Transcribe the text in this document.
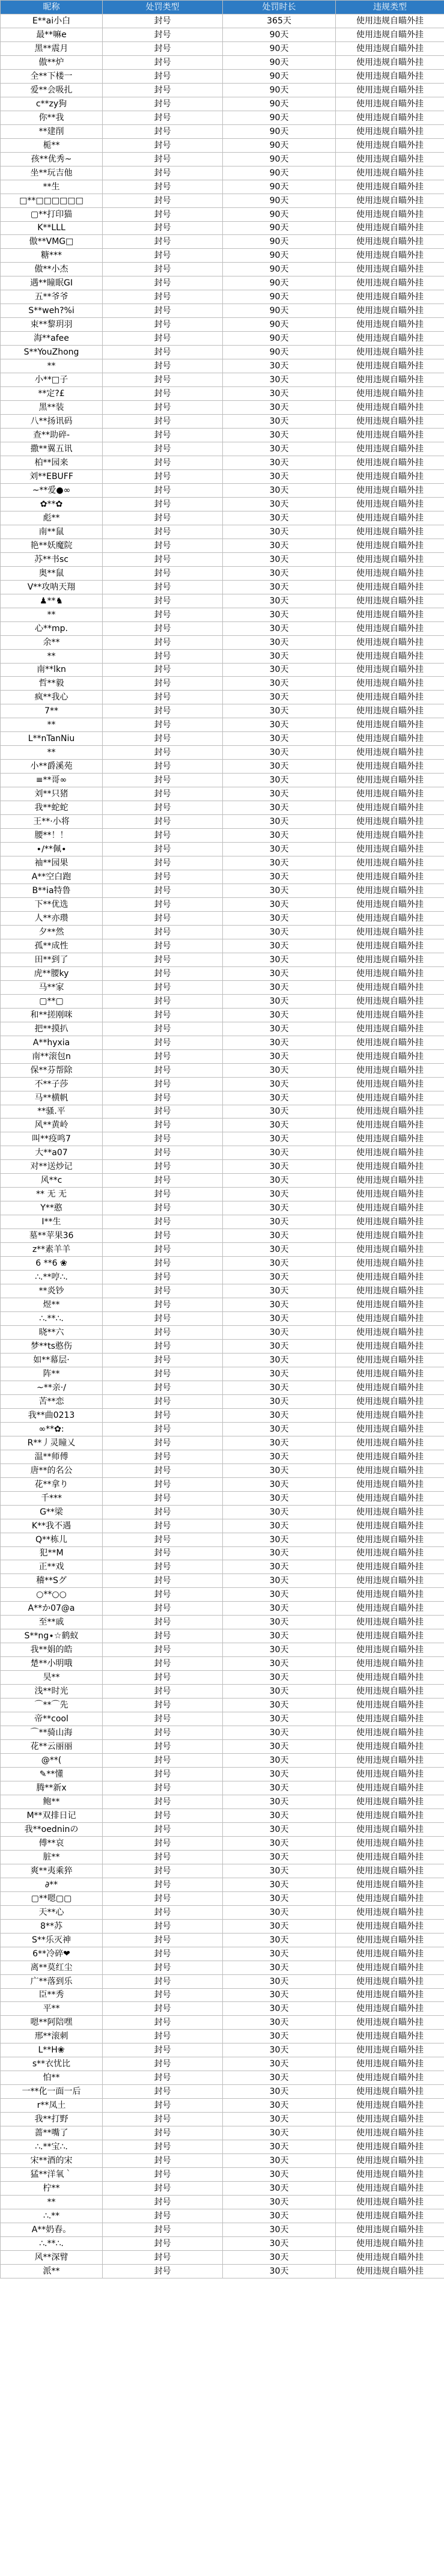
昵称	处罚类型	处罚时长	违规类型
E**ai小白	封号	365天	使用违规自瞄外挂
最**嘛e	封号	90天	使用违规自瞄外挂
黑**震月	封号	90天	使用违规自瞄外挂
傲**炉	封号	90天	使用违规自瞄外挂
全**下楼一	封号	90天	使用违规自瞄外挂
爱**会吸扎	封号	90天	使用违规自瞄外挂
c**zy狗	封号	90天	使用违规自瞄外挂
你**我	封号	90天	使用违规自瞄外挂
**建削	封号	90天	使用违规自瞄外挂
栀**	封号	90天	使用违规自瞄外挂
孩**优秀~	封号	90天	使用违规自瞄外挂
坐**玩吉他	封号	90天	使用违规自瞄外挂
**生	封号	90天	使用违规自瞄外挂
□**□□□□□□	封号	90天	使用违规自瞄外挂
▢**打印猫	封号	90天	使用违规自瞄外挂
K**LLL	封号	90天	使用违规自瞄外挂
傲**VMG□	封号	90天	使用违规自瞄外挂
糖***	封号	90天	使用违规自瞄外挂
傲**小杰	封号	90天	使用违规自瞄外挂
遇**瞳眠GI	封号	90天	使用违规自瞄外挂
五**爷爷	封号	90天	使用违规自瞄外挂
S**weh?%i	封号	90天	使用违规自瞄外挂
束**黎玥羽	封号	90天	使用违规自瞄外挂
海**afee	封号	90天	使用违规自瞄外挂
S**YouZhong	封号	90天	使用违规自瞄外挂
**	封号	30天	使用违规自瞄外挂
小**□子	封号	30天	使用违规自瞄外挂
**定?£	封号	30天	使用违规自瞄外挂
黑**装	封号	30天	使用违规自瞄外挂
八**扬讯码	封号	30天	使用违规自瞄外挂
查**助碎-	封号	30天	使用违规自瞄外挂
撒**翼五讯	封号	30天	使用违规自瞄外挂
柏**园来	封号	30天	使用违规自瞄外挂
刘**EBUFF	封号	30天	使用违规自瞄外挂
~**爱●∞	封号	30天	使用违规自瞄外挂
✿**✿	封号	30天	使用违规自瞄外挂
彪**	封号	30天	使用违规自瞄外挂
南**鼠	封号	30天	使用违规自瞄外挂
艳**妖魔院	封号	30天	使用违规自瞄外挂
苏**书sc	封号	30天	使用违规自瞄外挂
奥**鼠	封号	30天	使用违规自瞄外挂
V**攻呐天翔	封号	30天	使用违规自瞄外挂
♟**♞	封号	30天	使用违规自瞄外挂
**	封号	30天	使用违规自瞄外挂
心**mp.	封号	30天	使用违规自瞄外挂
余**	封号	30天	使用违规自瞄外挂
**	封号	30天	使用违规自瞄外挂
南**lkn	封号	30天	使用违规自瞄外挂
哲**毅	封号	30天	使用违规自瞄外挂
疯**我心	封号	30天	使用违规自瞄外挂
7**	封号	30天	使用违规自瞄外挂
**	封号	30天	使用违规自瞄外挂
L**nTanNiu	封号	30天	使用违规自瞄外挂
**	封号	30天	使用违规自瞄外挂
小**爵溪苑	封号	30天	使用违规自瞄外挂
≡**哥∞	封号	30天	使用违规自瞄外挂
刘**只猪	封号	30天	使用违规自瞄外挂
我**蛇蛇	封号	30天	使用违规自瞄外挂
王**·小将	封号	30天	使用违规自瞄外挂
腰**！！	封号	30天	使用违规自瞄外挂
∙∕**佩∙	封号	30天	使用违规自瞄外挂
袖**园果	封号	30天	使用违规自瞄外挂
A**空白跑	封号	30天	使用违规自瞄外挂
B**ia特鲁	封号	30天	使用违规自瞄外挂
下**优选	封号	30天	使用违规自瞄外挂
人**亦瓒	封号	30天	使用违规自瞄外挂
夕**然	封号	30天	使用违规自瞄外挂
孤**成性	封号	30天	使用违规自瞄外挂
田**到了	封号	30天	使用违规自瞄外挂
虎**腰ky	封号	30天	使用违规自瞄外挂
马**家	封号	30天	使用违规自瞄外挂
▢**▢	封号	30天	使用违规自瞄外挂
和**搓刚咪	封号	30天	使用违规自瞄外挂
把**摸扒	封号	30天	使用违规自瞄外挂
A**hyxia	封号	30天	使用违规自瞄外挂
南**滚包n	封号	30天	使用违规自瞄外挂
保**芬帮除	封号	30天	使用违规自瞄外挂
不**子莎	封号	30天	使用违规自瞄外挂
马**横帆	封号	30天	使用违规自瞄外挂
**骚.平	封号	30天	使用违规自瞄外挂
风**黄岭	封号	30天	使用违规自瞄外挂
叫**疫鸣7	封号	30天	使用违规自瞄外挂
大**a07	封号	30天	使用违规自瞄外挂
对**送炒记	封号	30天	使用违规自瞄外挂
风**c	封号	30天	使用违规自瞄外挂
** 无 无	封号	30天	使用违规自瞄外挂
Y**憨	封号	30天	使用违规自瞄外挂
I**生	封号	30天	使用违规自瞄外挂
墓**苹果36	封号	30天	使用违规自瞄外挂
z**素羊羊	封号	30天	使用违规自瞄外挂
6 **6 ❀	封号	30天	使用违规自瞄外挂
∴.**哼∴.	封号	30天	使用违规自瞄外挂
**炎钞	封号	30天	使用违规自瞄外挂
煜**	封号	30天	使用违规自瞄外挂
∴.**∴.	封号	30天	使用违规自瞄外挂
晓**六	封号	30天	使用违规自瞄外挂
梦**ts憨伤	封号	30天	使用违规自瞄外挂
如**幕层·	封号	30天	使用违规自瞄外挂
阵**	封号	30天	使用违规自瞄外挂
~**亲·∕	封号	30天	使用违规自瞄外挂
苦**恋	封号	30天	使用违规自瞄外挂
我**曲0213	封号	30天	使用违规自瞄外挂
∞**✿:	封号	30天	使用违规自瞄外挂
R**丿灵瞳乂	封号	30天	使用违规自瞄外挂
温**师傅	封号	30天	使用违规自瞄外挂
唐**的名公	封号	30天	使用违规自瞄外挂
花**拿り	封号	30天	使用违规自瞄外挂
千***	封号	30天	使用违规自瞄外挂
G**梁	封号	30天	使用违规自瞄外挂
K**我不遇	封号	30天	使用违规自瞄外挂
Q**栋儿	封号	30天	使用违规自瞄外挂
犯**M	封号	30天	使用违规自瞄外挂
正**戏	封号	30天	使用违规自瞄外挂
稽**Sグ	封号	30天	使用违规自瞄外挂
○**○○	封号	30天	使用违规自瞄外挂
A**か07@a	封号	30天	使用违规自瞄外挂
至**戚	封号	30天	使用违规自瞄外挂
S**ng∙☆鹤蚁	封号	30天	使用违规自瞄外挂
我**娟的皓	封号	30天	使用违规自瞄外挂
楚**小明哦	封号	30天	使用违规自瞄外挂
昊**	封号	30天	使用违规自瞄外挂
浅**时光	封号	30天	使用违规自瞄外挂
⌒**⌒先	封号	30天	使用违规自瞄外挂
帝**cool	封号	30天	使用违规自瞄外挂
⌒**骑山海	封号	30天	使用违规自瞄外挂
花**云丽丽	封号	30天	使用违规自瞄外挂
@**(	封号	30天	使用违规自瞄外挂
✎**懂	封号	30天	使用违规自瞄外挂
腾**新x	封号	30天	使用违规自瞄外挂
鲍**	封号	30天	使用违规自瞄外挂
M**双排日记	封号	30天	使用违规自瞄外挂
我**oedninの	封号	30天	使用违规自瞄外挂
傅**哀	封号	30天	使用违规自瞄外挂
脏**	封号	30天	使用违规自瞄外挂
爽**夷乘猝	封号	30天	使用违规自瞄外挂
∂**	封号	30天	使用违规自瞄外挂
▢**嗯▢▢	封号	30天	使用违规自瞄外挂
天**心	封号	30天	使用违规自瞄外挂
8**苏	封号	30天	使用违规自瞄外挂
S**乐灭神	封号	30天	使用违规自瞄外挂
6**冷碎❤	封号	30天	使用违规自瞄外挂
离**莫红尘	封号	30天	使用违规自瞄外挂
广**落到乐	封号	30天	使用违规自瞄外挂
臣**秀	封号	30天	使用违规自瞄外挂
平**	封号	30天	使用违规自瞄外挂
嗯**阿陪嘿	封号	30天	使用违规自瞄外挂
邢**滚刺	封号	30天	使用违规自瞄外挂
L**H❀	封号	30天	使用违规自瞄外挂
s**衣忧比	封号	30天	使用违规自瞄外挂
怕**	封号	30天	使用违规自瞄外挂
一**化一面一后	封号	30天	使用违规自瞄外挂
r**凤土	封号	30天	使用违规自瞄外挂
我**打野	封号	30天	使用违规自瞄外挂
蔷**嘴了	封号	30天	使用违规自瞄外挂
∴.**宝∴.	封号	30天	使用违规自瞄外挂
宋**酒的宋	封号	30天	使用违规自瞄外挂
猛**洋氧｀	封号	30天	使用违规自瞄外挂
柠**	封号	30天	使用违规自瞄外挂
**	封号	30天	使用违规自瞄外挂
∴.**	封号	30天	使用违规自瞄外挂
A**奶春。	封号	30天	使用违规自瞄外挂
∴.**∴.	封号	30天	使用违规自瞄外挂
风**深臂	封号	30天	使用违规自瞄外挂
派**	封号	30天	使用违规自瞄外挂
